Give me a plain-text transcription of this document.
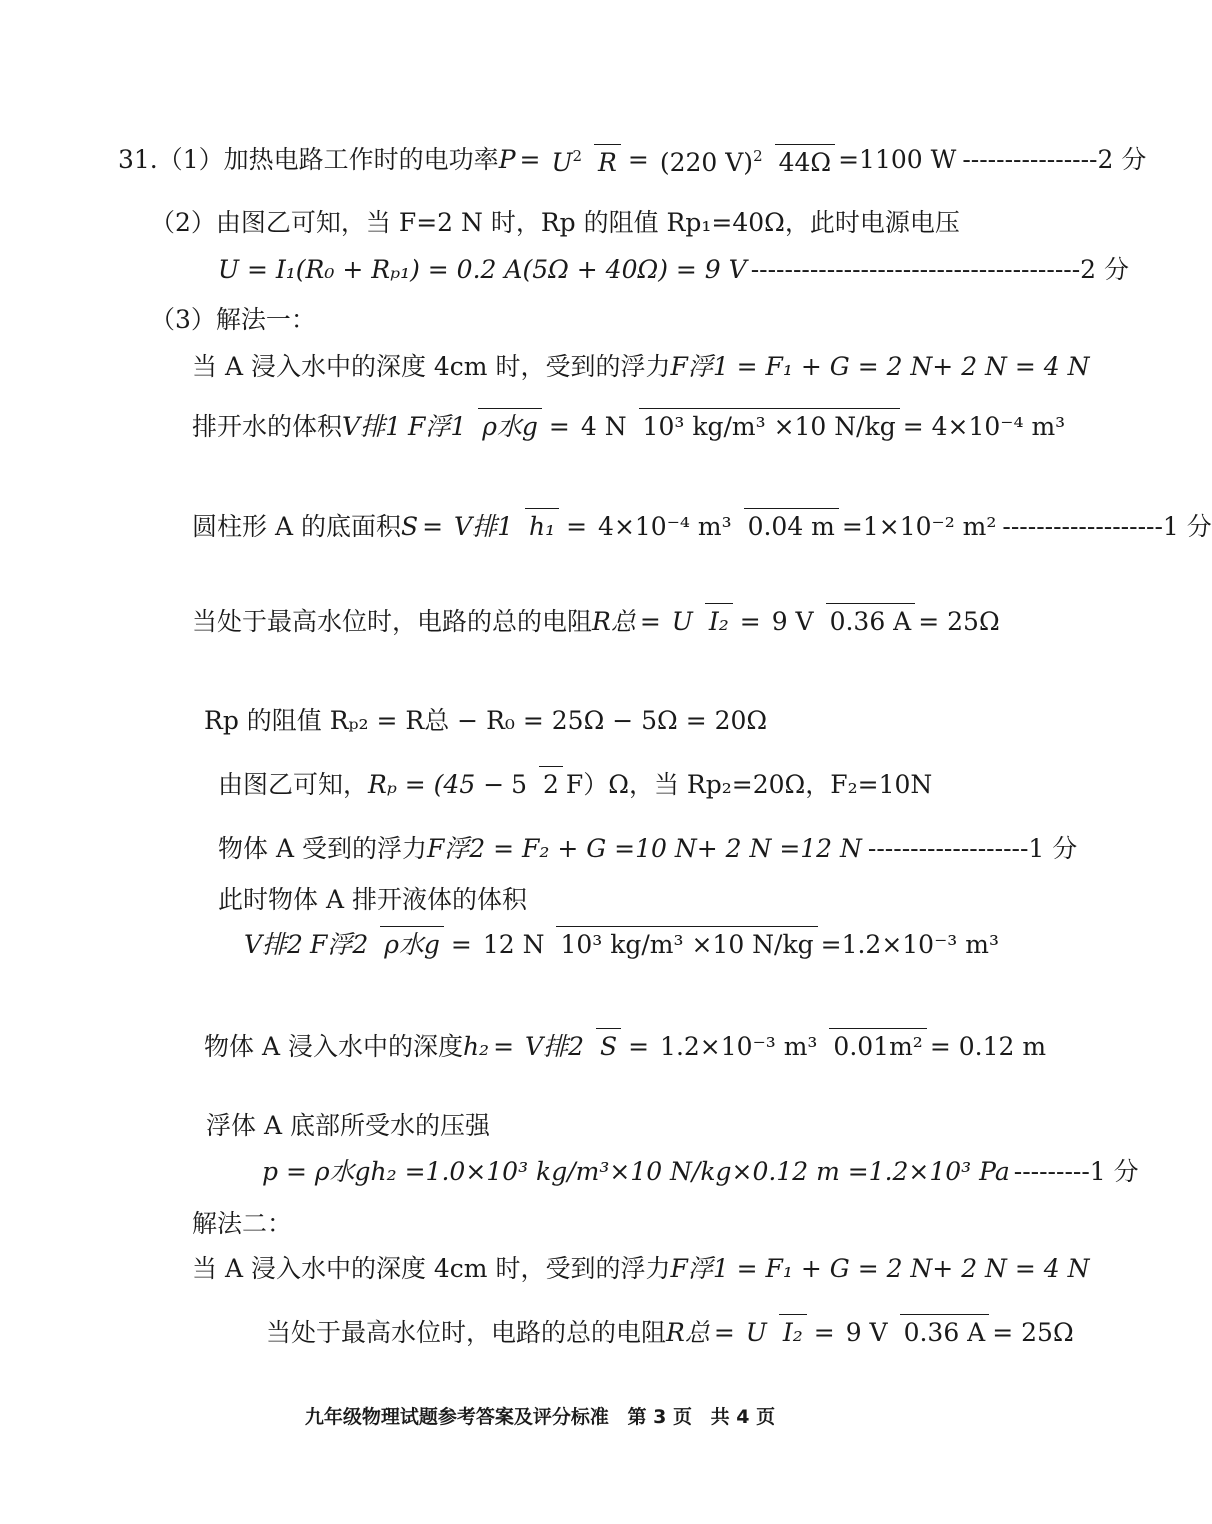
31. （1） 加热电路工作时的电功率 $P = U^2$ R = (220 V)$^2$ 44Ω =1100 W ---------------- 2 分
（2） 由图乙可知，当 F=2 N 时，Rp 的阻值 Rp₁=40Ω，此时电源电压
U = I₁(R₀ + Rₚ₁) = 0.2 A(5Ω + 40Ω) = 9 V --------------------------------------- 2 分
（3）解法一：
当 A 浸入水中的深度 4cm 时，受到的浮力 F浮1 = F₁ + G = 2 N+ 2 N = 4 N
排开水的体积 V排1 F浮1 ρ水g = 4 N 10³ kg/m³ ×10 N/kg = 4×10⁻⁴ m³
圆柱形 A 的底面积 S = V排1 h₁ = 4×10⁻⁴ m³ 0.04 m =1×10⁻² m² ------------------- 1 分
当处于最高水位时，电路的总的电阻 R总 = U I₂ = 9 V 0.36 A = 25Ω
Rp 的阻值 Rₚ₂ = R总 − R₀ = 25Ω − 5Ω = 20Ω
由图乙可知， Rₚ = (45 − 5 2 F）Ω，当 Rp₂=20Ω，F₂=10N
物体 A 受到的浮力 F浮2 = F₂ + G =10 N+ 2 N =12 N ------------------- 1 分
此时物体 A 排开液体的体积
V排2 F浮2 ρ水g = 12 N 10³ kg/m³ ×10 N/kg =1.2×10⁻³ m³
物体 A 浸入水中的深度 h₂ = V排2 S = 1.2×10⁻³ m³ 0.01m² = 0.12 m
浮体 A 底部所受水的压强
p = ρ水gh₂ =1.0×10³ kg/m³×10 N/kg×0.12 m =1.2×10³ Pa --------- 1 分
解法二：
当 A 浸入水中的深度 4cm 时，受到的浮力 F浮1 = F₁ + G = 2 N+ 2 N = 4 N
当处于最高水位时，电路的总的电阻 R总 = U I₂ = 9 V 0.36 A = 25Ω
九年级物理试题参考答案及评分标准 第 3 页 共 4 页
